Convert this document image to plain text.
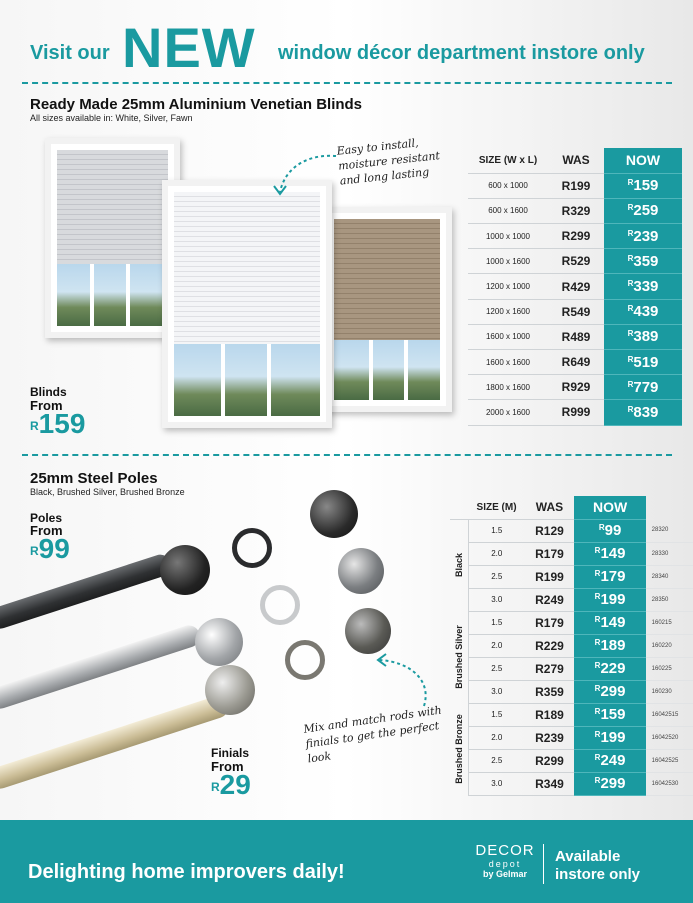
Visit our NEW window décor department instore only
Ready Made 25mm Aluminium Venetian Blinds
All sizes available in: White, Silver, Fawn
Easy to install, moisture resistant and long lasting
Blinds
From
$^R$159
SIZE (W x L)	WAS	NOW
600 x 1000	R199	$^R$159
600 x 1600	R329	$^R$259
1000 x 1000	R299	$^R$239
1000 x 1600	R529	$^R$359
1200 x 1000	R429	$^R$339
1200 x 1600	R549	$^R$439
1600 x 1000	R489	$^R$389
1600 x 1600	R649	$^R$519
1800 x 1600	R929	$^R$779
2000 x 1600	R999	$^R$839
25mm Steel Poles
Black, Brushed Silver, Brushed Bronze
Poles
From
$^R$99
Mix and match rods with finials to get the perfect look
Finials
From
$^R$29
	SIZE (M)	WAS	NOW	

Black	1.5	R129	$^R$99	28320
	2.0	R179	$^R$149	28330
	2.5	R199	$^R$179	28340
	3.0	R249	$^R$199	28350

Brushed Silver	1.5	R179	$^R$149	160215
	2.0	R229	$^R$189	160220
	2.5	R279	$^R$229	160225
	3.0	R359	$^R$299	160230

Brushed Bronze	1.5	R189	$^R$159	16042515
	2.0	R239	$^R$199	16042520
	2.5	R299	$^R$249	16042525
	3.0	R349	$^R$299	16042530
Delighting home improvers daily!
DECOR
depot
by Gelmar
Available
instore only
